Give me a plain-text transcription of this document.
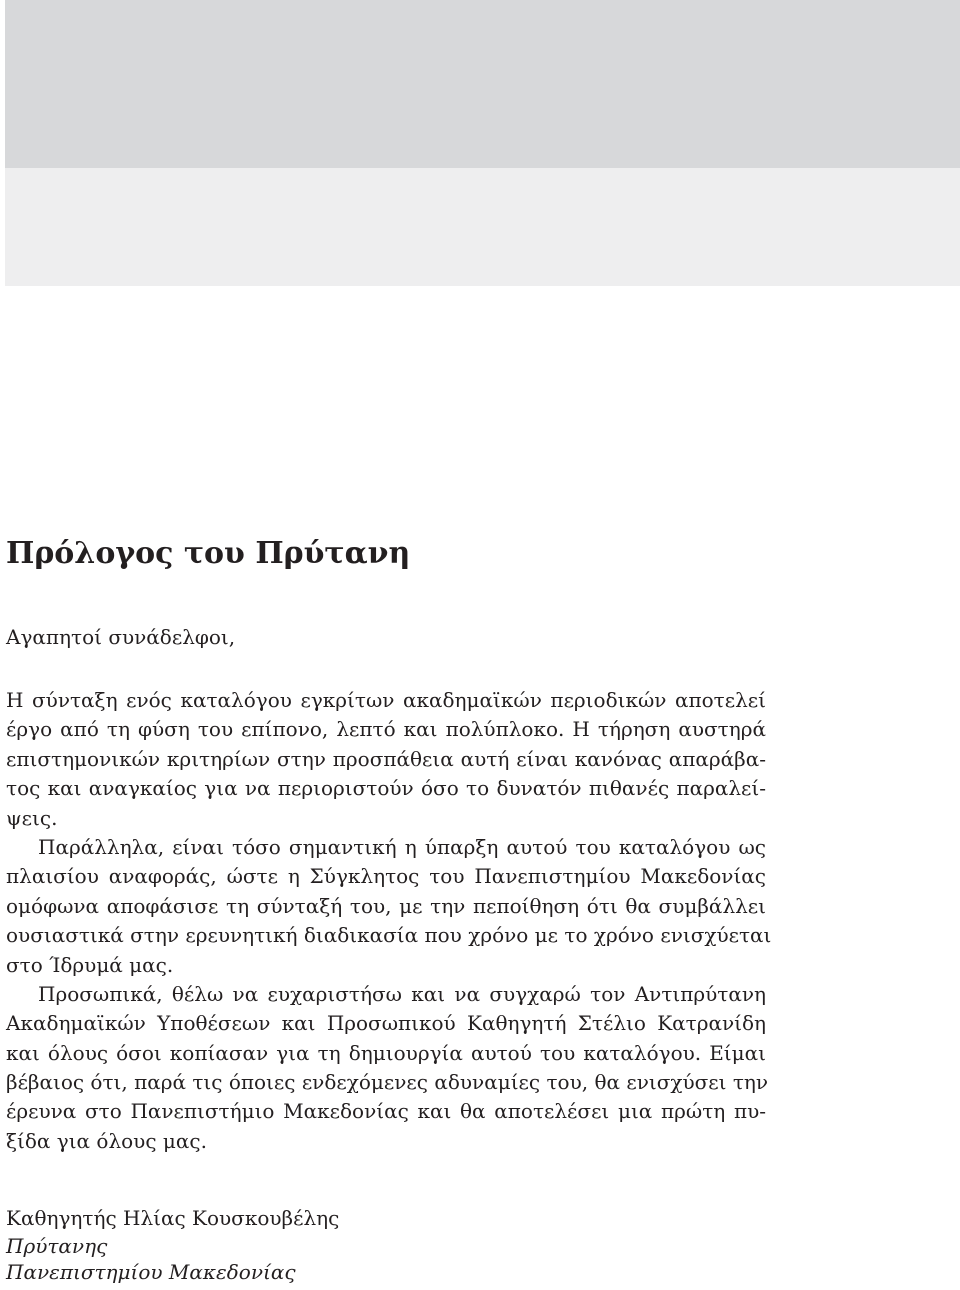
Πρόλογος του Πρύτανη

Αγαπητοί συνάδελφοι,

Η σύνταξη ενός καταλόγου εγκρίτων ακαδημαϊκών περιοδικών αποτελεί
έργο από τη φύση του επίπονο, λεπτό και πολύπλοκο. Η τήρηση αυστηρά
επιστημονικών κριτηρίων στην προσπάθεια αυτή είναι κανόνας απαράβα-
τος και αναγκαίος για να περιοριστούν όσο το δυνατόν πιθανές παραλεί-
ψεις.
Παράλληλα, είναι τόσο σημαντική η ύπαρξη αυτού του καταλόγου ως
πλαισίου αναφοράς, ώστε η Σύγκλητος του Πανεπιστημίου Μακεδονίας
ομόφωνα αποφάσισε τη σύνταξή του, με την πεποίθηση ότι θα συμβάλλει
ουσιαστικά στην ερευνητική διαδικασία που χρόνο με το χρόνο ενισχύεται
στο Ίδρυμά μας.
Προσωπικά, θέλω να ευχαριστήσω και να συγχαρώ τον Αντιπρύτανη
Ακαδημαϊκών Υποθέσεων και Προσωπικού Καθηγητή Στέλιο Κατρανίδη
και όλους όσοι κοπίασαν για τη δημιουργία αυτού του καταλόγου. Είμαι
βέβαιος ότι, παρά τις όποιες ενδεχόμενες αδυναμίες του, θα ενισχύσει την
έρευνα στο Πανεπιστήμιο Μακεδονίας και θα αποτελέσει μια πρώτη πυ-
ξίδα για όλους μας.
Καθηγητής Ηλίας Κουσκουβέλης
Πρύτανης
Πανεπιστημίου Μακεδονίας
